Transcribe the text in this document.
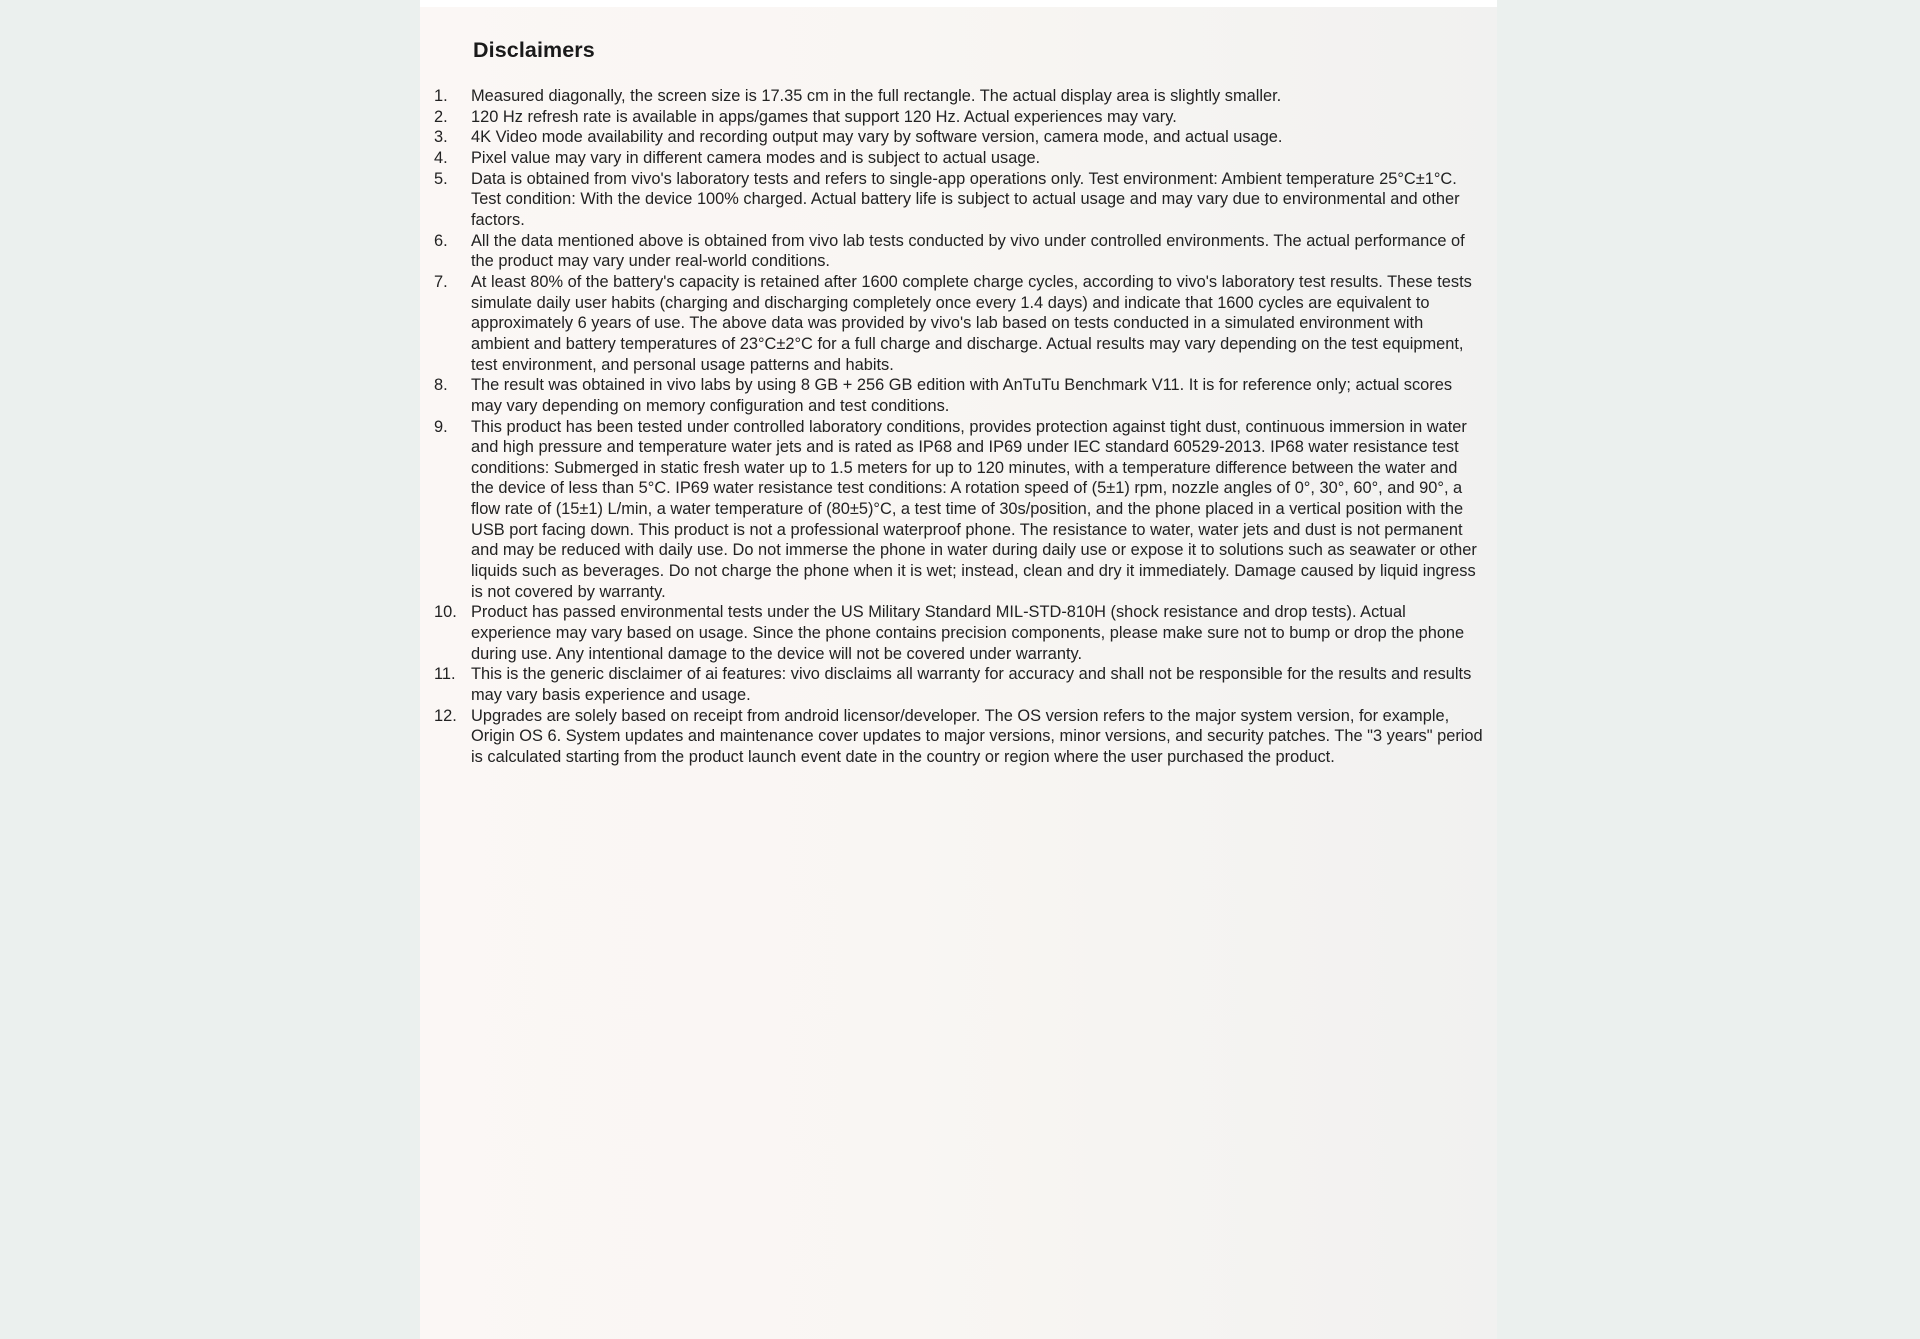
Disclaimers
1.	Measured diagonally, the screen size is 17.35 cm in the full rectangle. The actual display area is slightly smaller.
2.	120 Hz refresh rate is available in apps/games that support 120 Hz. Actual experiences may vary.
3.	4K Video mode availability and recording output may vary by software version, camera mode, and actual usage.
4.	Pixel value may vary in different camera modes and is subject to actual usage.
5.	Data is obtained from vivo's laboratory tests and refers to single-app operations only. Test environment: Ambient temperature 25°C±1°C. Test condition: With the device 100% charged. Actual battery life is subject to actual usage and may vary due to environmental and other factors.
6.	All the data mentioned above is obtained from vivo lab tests conducted by vivo under controlled environments. The actual performance of the product may vary under real-world conditions.
7.	At least 80% of the battery's capacity is retained after 1600 complete charge cycles, according to vivo's laboratory test results. These tests simulate daily user habits (charging and discharging completely once every 1.4 days) and indicate that 1600 cycles are equivalent to approximately 6 years of use. The above data was provided by vivo's lab based on tests conducted in a simulated environment with ambient and battery temperatures of 23°C±2°C for a full charge and discharge. Actual results may vary depending on the test equipment, test environment, and personal usage patterns and habits.
8.	The result was obtained in vivo labs by using 8 GB + 256 GB edition with AnTuTu Benchmark V11. It is for reference only; actual scores may vary depending on memory configuration and test conditions.
9.	This product has been tested under controlled laboratory conditions, provides protection against tight dust, continuous immersion in water and high pressure and temperature water jets and is rated as IP68 and IP69 under IEC standard 60529-2013. IP68 water resistance test conditions: Submerged in static fresh water up to 1.5 meters for up to 120 minutes, with a temperature difference between the water and the device of less than 5°C. IP69 water resistance test conditions: A rotation speed of (5±1) rpm, nozzle angles of 0°, 30°, 60°, and 90°, a flow rate of (15±1) L/min, a water temperature of (80±5)°C, a test time of 30s/position, and the phone placed in a vertical position with the USB port facing down. This product is not a professional waterproof phone. The resistance to water, water jets and dust is not permanent and may be reduced with daily use. Do not immerse the phone in water during daily use or expose it to solutions such as seawater or other liquids such as beverages. Do not charge the phone when it is wet; instead, clean and dry it immediately. Damage caused by liquid ingress is not covered by warranty.
10. Product has passed environmental tests under the US Military Standard MIL-STD-810H (shock resistance and drop tests). Actual experience may vary based on usage. Since the phone contains precision components, please make sure not to bump or drop the phone during use. Any intentional damage to the device will not be covered under warranty.
11. This is the generic disclaimer of ai features: vivo disclaims all warranty for accuracy and shall not be responsible for the results and results may vary basis experience and usage.
12. Upgrades are solely based on receipt from android licensor/developer. The OS version refers to the major system version, for example, Origin OS 6. System updates and maintenance cover updates to major versions, minor versions, and security patches. The "3 years" period is calculated starting from the product launch event date in the country or region where the user purchased the product.
